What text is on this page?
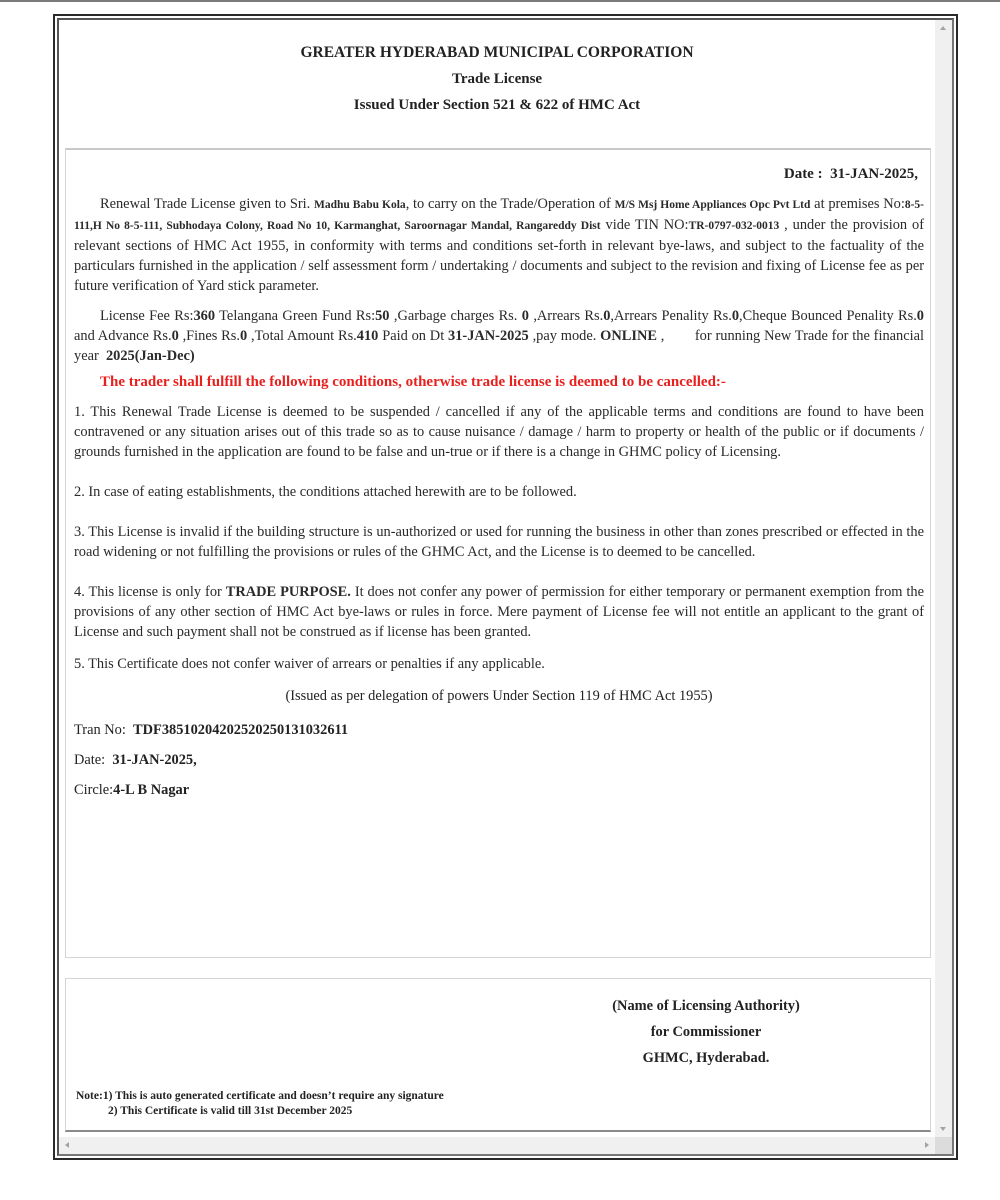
GREATER HYDERABAD MUNICIPAL CORPORATION
Trade License
Issued Under Section 521 & 622 of HMC Act
Date : 31-JAN-2025,

Renewal Trade License given to Sri. Madhu Babu Kola, to carry on the Trade/Operation of M/S Msj Home Appliances Opc Pvt Ltd at premises No:8-5-111,H No 8-5-111, Subhodaya Colony, Road No 10, Karmanghat, Saroornagar Mandal, Rangareddy Dist vide TIN NO:TR-0797-032-0013 , under the provision of relevant sections of HMC Act 1955, in conformity with terms and conditions set-forth in relevant bye-laws, and subject to the factuality of the particulars furnished in the application / self assessment form / undertaking / documents and subject to the revision and fixing of License fee as per future verification of Yard stick parameter.

License Fee Rs:360 Telangana Green Fund Rs:50 ,Garbage charges Rs. 0 ,Arrears Rs.0,Arrears Penality Rs.0,Cheque Bounced Penality Rs.0 and Advance Rs.0 ,Fines Rs.0 ,Total Amount Rs.410 Paid on Dt 31-JAN-2025 ,pay mode. ONLINE ,        for running New Trade for the financial year  2025(Jan-Dec)

The trader shall fulfill the following conditions, otherwise trade license is deemed to be cancelled:-

1. This Renewal Trade License is deemed to be suspended / cancelled if any of the applicable terms and conditions are found to have been contravened or any situation arises out of this trade so as to cause nuisance / damage / harm to property or health of the public or if documents / grounds furnished in the application are found to be false and un-true or if there is a change in GHMC policy of Licensing.

2. In case of eating establishments, the conditions attached herewith are to be followed.

3. This License is invalid if the building structure is un-authorized or used for running the business in other than zones prescribed or effected in the road widening or not fulfilling the provisions or rules of the GHMC Act, and the License is to deemed to be cancelled.

4. This license is only for TRADE PURPOSE. It does not confer any power of permission for either temporary or permanent exemption from the provisions of any other section of HMC Act bye-laws or rules in force. Mere payment of License fee will not entitle an applicant to the grant of License and such payment shall not be construed as if license has been granted.

5. This Certificate does not confer waiver of arrears or penalties if any applicable.

(Issued as per delegation of powers Under Section 119 of HMC Act 1955)
Tran No:  TDF38510204202520250131032611
Date:  31-JAN-2025,
Circle:4-L B Nagar
(Name of Licensing Authority)
for Commissioner
GHMC, Hyderabad.
Note:1) This is auto generated certificate and doesn’t require any signature
2) This Certificate is valid till 31st December 2025
